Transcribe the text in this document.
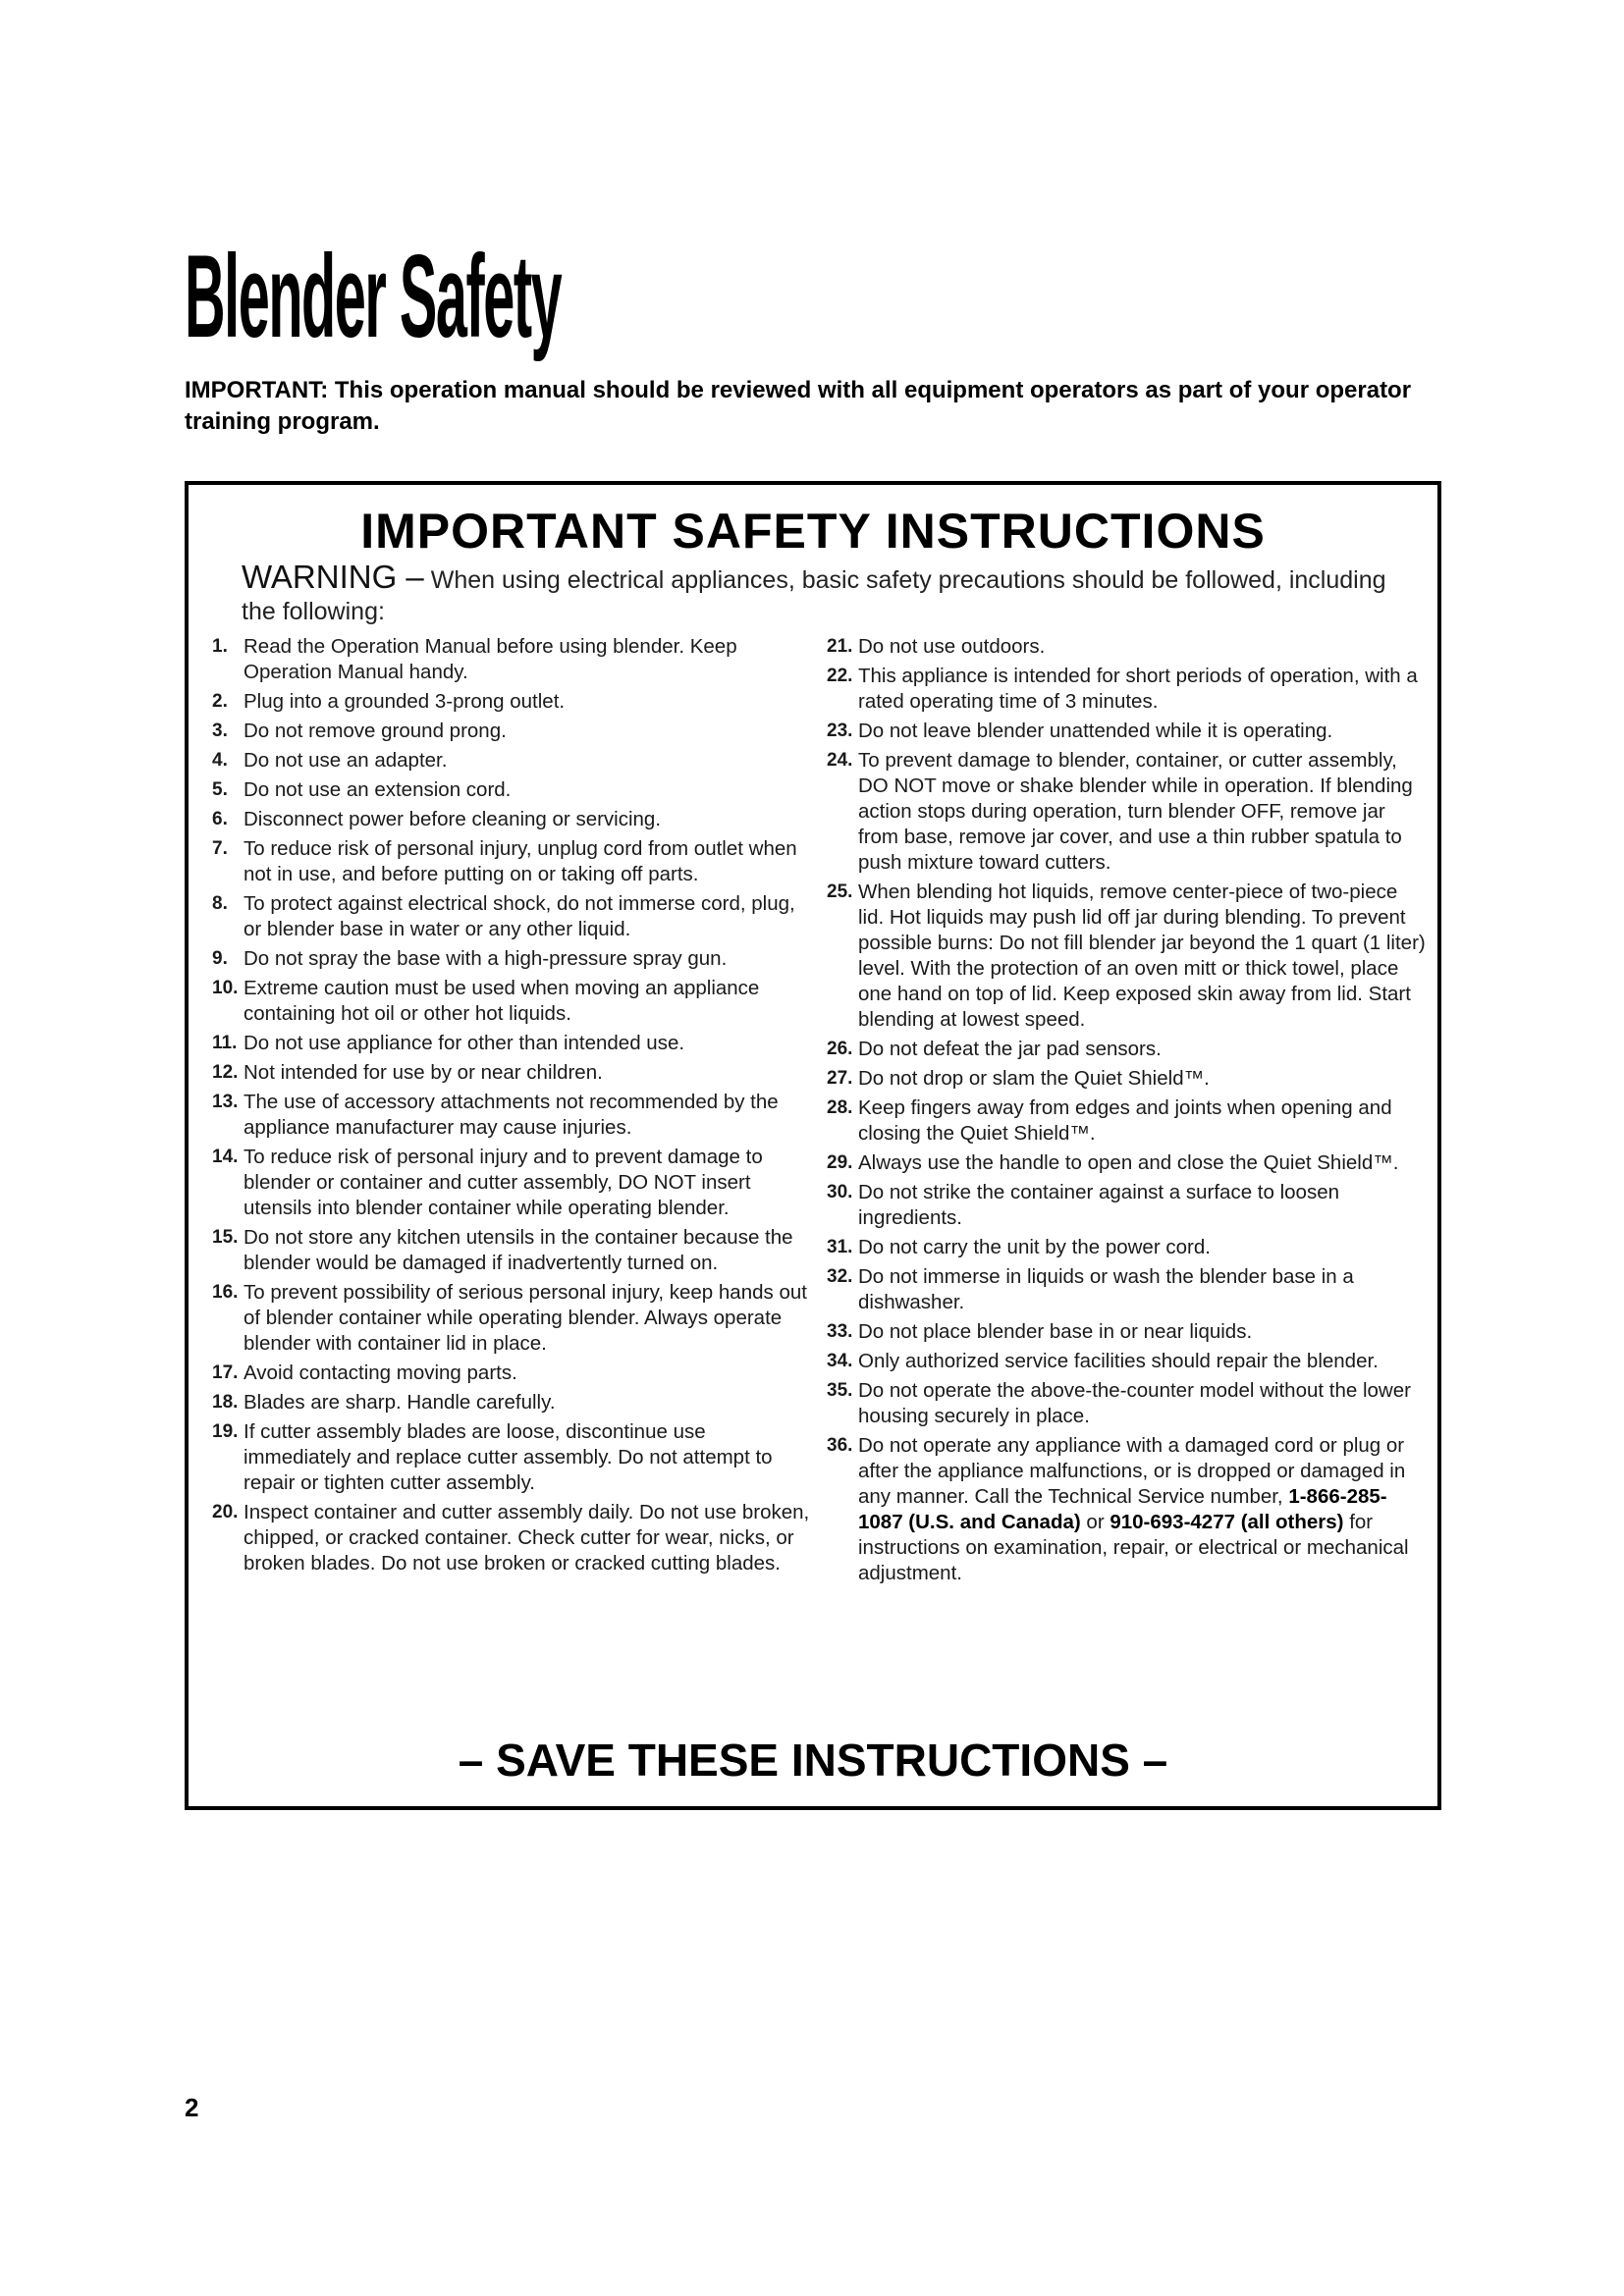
Blender Safety

IMPORTANT: This operation manual should be reviewed with all equipment operators as part of your operator training program.

IMPORTANT SAFETY INSTRUCTIONS

WARNING – When using electrical appliances, basic safety precautions should be followed, including the following:

1. Read the Operation Manual before using blender. Keep Operation Manual handy.
2. Plug into a grounded 3-prong outlet.
3. Do not remove ground prong.
4. Do not use an adapter.
5. Do not use an extension cord.
6. Disconnect power before cleaning or servicing.
7. To reduce risk of personal injury, unplug cord from outlet when not in use, and before putting on or taking off parts.
8. To protect against electrical shock, do not immerse cord, plug, or blender base in water or any other liquid.
9. Do not spray the base with a high-pressure spray gun.
10. Extreme caution must be used when moving an appliance containing hot oil or other hot liquids.
11. Do not use appliance for other than intended use.
12. Not intended for use by or near children.
13. The use of accessory attachments not recommended by the appliance manufacturer may cause injuries.
14. To reduce risk of personal injury and to prevent damage to blender or container and cutter assembly, DO NOT insert utensils into blender container while operating blender.
15. Do not store any kitchen utensils in the container because the blender would be damaged if inadvertently turned on.
16. To prevent possibility of serious personal injury, keep hands out of blender container while operating blender. Always operate blender with container lid in place.
17. Avoid contacting moving parts.
18. Blades are sharp. Handle carefully.
19. If cutter assembly blades are loose, discontinue use immediately and replace cutter assembly. Do not attempt to repair or tighten cutter assembly.
20. Inspect container and cutter assembly daily. Do not use broken, chipped, or cracked container. Check cutter for wear, nicks, or broken blades. Do not use broken or cracked cutting blades.
21. Do not use outdoors.
22. This appliance is intended for short periods of operation, with a rated operating time of 3 minutes.
23. Do not leave blender unattended while it is operating.
24. To prevent damage to blender, container, or cutter assembly, DO NOT move or shake blender while in operation. If blending action stops during operation, turn blender OFF, remove jar from base, remove jar cover, and use a thin rubber spatula to push mixture toward cutters.
25. When blending hot liquids, remove center-piece of two-piece lid. Hot liquids may push lid off jar during blending. To prevent possible burns: Do not fill blender jar beyond the 1 quart (1 liter) level. With the protection of an oven mitt or thick towel, place one hand on top of lid. Keep exposed skin away from lid. Start blending at lowest speed.
26. Do not defeat the jar pad sensors.
27. Do not drop or slam the Quiet Shield™.
28. Keep fingers away from edges and joints when opening and closing the Quiet Shield™.
29. Always use the handle to open and close the Quiet Shield™.
30. Do not strike the container against a surface to loosen ingredients.
31. Do not carry the unit by the power cord.
32. Do not immerse in liquids or wash the blender base in a dishwasher.
33. Do not place blender base in or near liquids.
34. Only authorized service facilities should repair the blender.
35. Do not operate the above-the-counter model without the lower housing securely in place.
36. Do not operate any appliance with a damaged cord or plug or after the appliance malfunctions, or is dropped or damaged in any manner. Call the Technical Service number, 1-866-285-1087 (U.S. and Canada) or 910-693-4277 (all others) for instructions on examination, repair, or electrical or mechanical adjustment.

– SAVE THESE INSTRUCTIONS –

2
